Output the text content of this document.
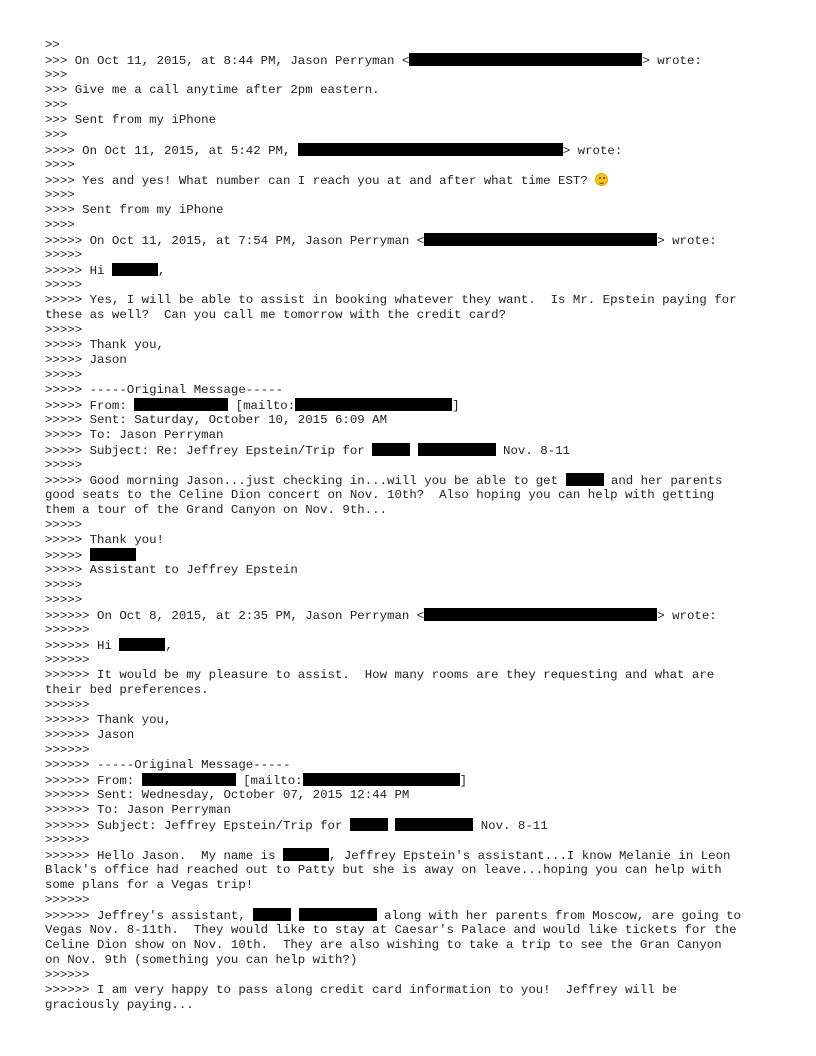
>>
>>> On Oct 11, 2015, at 8:44 PM, Jason Perryman <	> wrote:
>>>
>>> Give me a call anytime after 2pm eastern.
>>>
>>> Sent from my iPhone
>>>
>>>> On Oct 11, 2015, at 5:42 PM,	> wrote:
>>>>
>>>> Yes and yes! What number can I reach you at and after what time EST?
>>>>
>>>> Sent from my iPhone
>>>>
>>>>> On Oct 11, 2015, at 7:54 PM, Jason Perryman <	> wrote:
>>>>>
>>>>> Hi	,
>>>>>
>>>>> Yes, I will be able to assist in booking whatever they want.  Is Mr. Epstein paying for
these as well?  Can you call me tomorrow with the credit card?
>>>>>
>>>>> Thank you,
>>>>> Jason
>>>>>
>>>>> -----Original Message-----
>>>>> From:	[mailto:	]
>>>>> Sent: Saturday, October 10, 2015 6:09 AM
>>>>> To: Jason Perryman
>>>>> Subject: Re: Jeffrey Epstein/Trip for	Nov. 8-11
>>>>>
>>>>> Good morning Jason...just checking in...will you be able to get	and her parents
good seats to the Celine Dion concert on Nov. 10th?  Also hoping you can help with getting
them a tour of the Grand Canyon on Nov. 9th...
>>>>>
>>>>> Thank you!
>>>>>
>>>>> Assistant to Jeffrey Epstein
>>>>>
>>>>>
>>>>>> On Oct 8, 2015, at 2:35 PM, Jason Perryman <	> wrote:
>>>>>>
>>>>>> Hi	,
>>>>>>
>>>>>> It would be my pleasure to assist.  How many rooms are they requesting and what are
their bed preferences.
>>>>>>
>>>>>> Thank you,
>>>>>> Jason
>>>>>>
>>>>>> -----Original Message-----
>>>>>> From:	[mailto:	]
>>>>>> Sent: Wednesday, October 07, 2015 12:44 PM
>>>>>> To: Jason Perryman
>>>>>> Subject: Jeffrey Epstein/Trip for	Nov. 8-11
>>>>>>
>>>>>> Hello Jason.  My name is	, Jeffrey Epstein's assistant...I know Melanie in Leon
Black's office had reached out to Patty but she is away on leave...hoping you can help with
some plans for a Vegas trip!
>>>>>>
>>>>>> Jeffrey's assistant,	along with her parents from Moscow, are going to
Vegas Nov. 8-11th.  They would like to stay at Caesar's Palace and would like tickets for the
Celine Dion show on Nov. 10th.  They are also wishing to take a trip to see the Gran Canyon
on Nov. 9th (something you can help with?)
>>>>>>
>>>>>> I am very happy to pass along credit card information to you!  Jeffrey will be
graciously paying...
